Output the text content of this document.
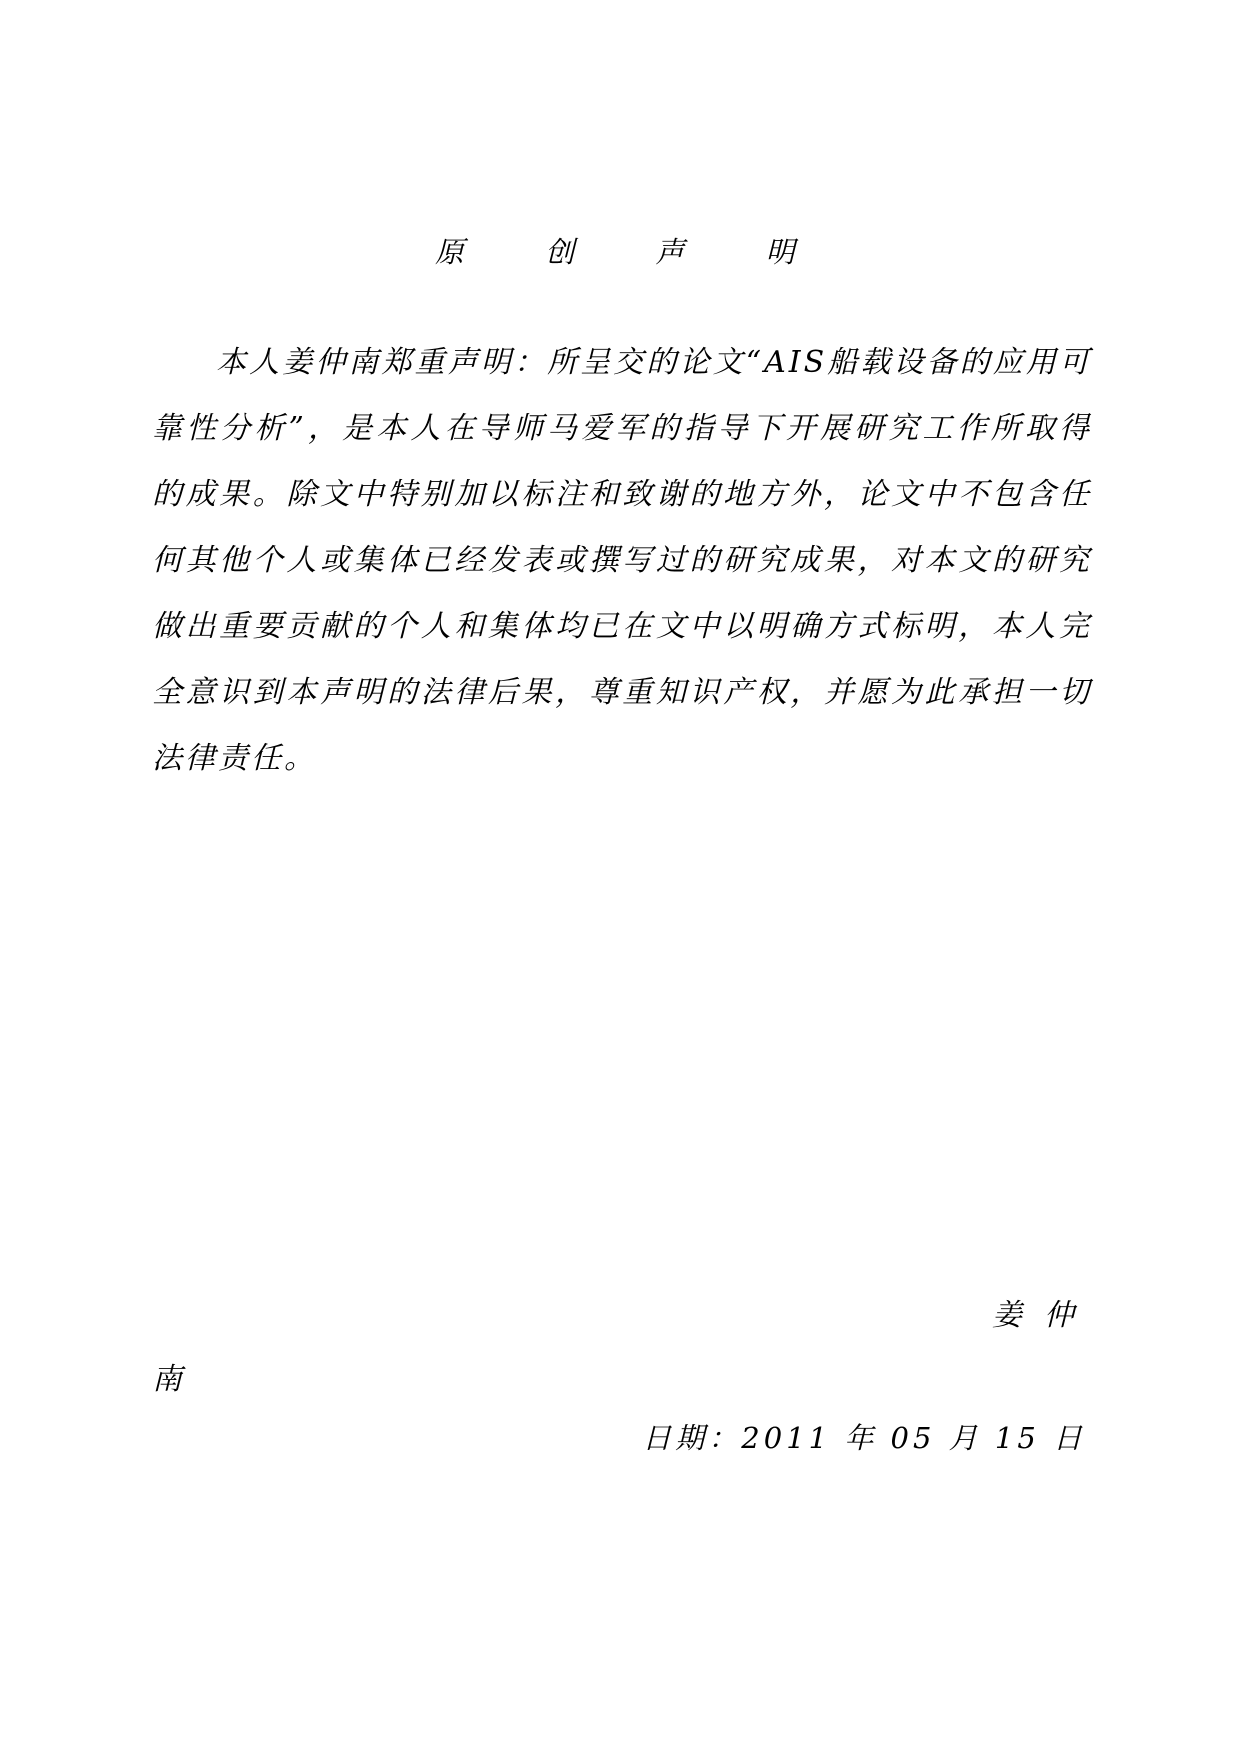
原 创 声 明
本人姜仲南郑重声明：所呈交的论文“AIS船载设备的应用可靠性分析”，是本人在导师马爱军的指导下开展研究工作所取得的成果。除文中特别加以标注和致谢的地方外，论文中不包含任何其他个人或集体已经发表或撰写过的研究成果，对本文的研究做出重要贡献的个人和集体均已在文中以明确方式标明，本人完全意识到本声明的法律后果，尊重知识产权，并愿为此承担一切法律责任。
姜仲
南
日期：2011 年 05 月 15 日
